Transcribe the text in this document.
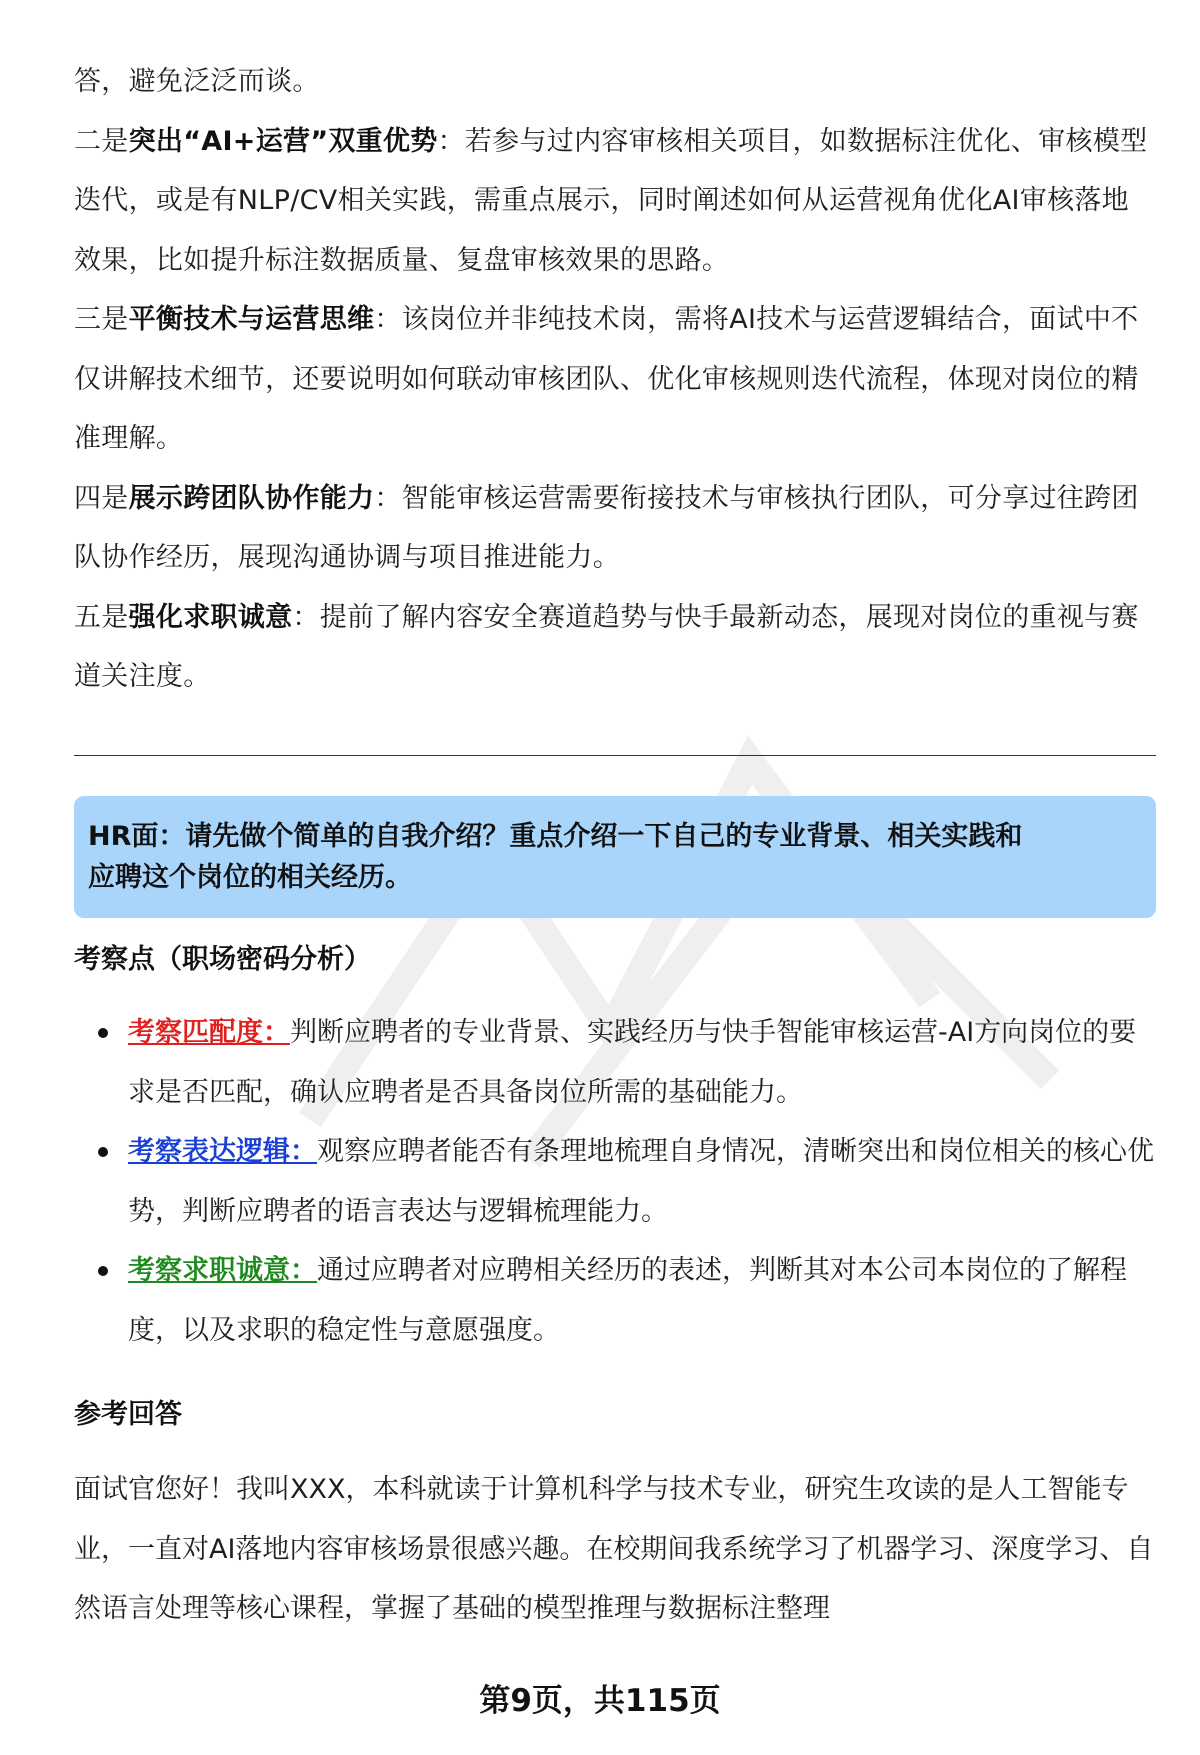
答，避免泛泛而谈。

二是突出“AI+运营”双重优势：若参与过内容审核相关项目，如数据标注优化、审核模型迭代，或是有NLP/CV相关实践，需重点展示，同时阐述如何从运营视角优化AI审核落地效果，比如提升标注数据质量、复盘审核效果的思路。

三是平衡技术与运营思维：该岗位并非纯技术岗，需将AI技术与运营逻辑结合，面试中不仅讲解技术细节，还要说明如何联动审核团队、优化审核规则迭代流程，体现对岗位的精准理解。

四是展示跨团队协作能力：智能审核运营需要衔接技术与审核执行团队，可分享过往跨团队协作经历，展现沟通协调与项目推进能力。

五是强化求职诚意：提前了解内容安全赛道趋势与快手最新动态，展现对岗位的重视与赛道关注度。

HR面：请先做个简单的自我介绍？重点介绍一下自己的专业背景、相关实践和

应聘这个岗位的相关经历。

考察点（职场密码分析）

考察匹配度：判断应聘者的专业背景、实践经历与快手智能审核运营-AI方向岗位的要求是否匹配，确认应聘者是否具备岗位所需的基础能力。
考察表达逻辑：观察应聘者能否有条理地梳理自身情况，清晰突出和岗位相关的核心优势，判断应聘者的语言表达与逻辑梳理能力。
考察求职诚意：通过应聘者对应聘相关经历的表述，判断其对本公司本岗位的了解程度，以及求职的稳定性与意愿强度。

参考回答

面试官您好！我叫XXX，本科就读于计算机科学与技术专业，研究生攻读的是人工智能专业，一直对AI落地内容审核场景很感兴趣。在校期间我系统学习了机器学习、深度学习、自然语言处理等核心课程，掌握了基础的模型推理与数据标注整理

第9页，共115页
